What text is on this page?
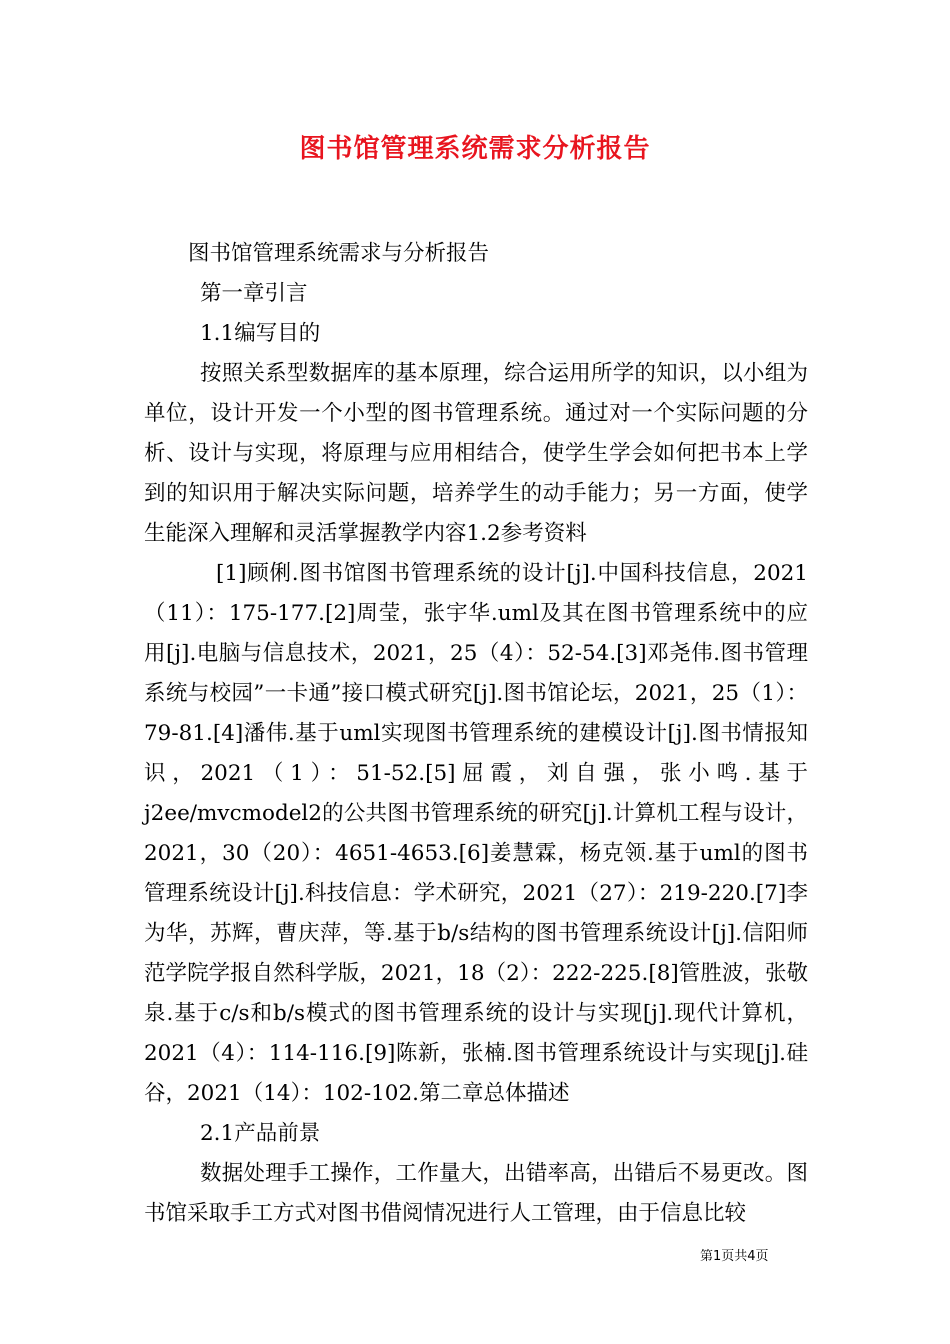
图书馆管理系统需求分析报告
图书馆管理系统需求与分析报告
第一章引言
1.1编写目的

按照关系型数据库的基本原理，综合运用所学的知识，以小组为单位，设计开发一个小型的图书管理系统。通过对一个实际问题的分析、设计与实现，将原理与应用相结合，使学生学会如何把书本上学到的知识用于解决实际问题，培养学生的动手能力；另一方面，使学生能深入理解和灵活掌握教学内容1.2参考资料

[1]顾俐.图书馆图书管理系统的设计[j].中国科技信息，2021（11）：175-177.[2]周莹，张宇华.uml及其在图书管理系统中的应用[j].电脑与信息技术，2021，25（4）：52-54.[3]邓尧伟.图书管理系统与校园”一卡通”接口模式研究[j].图书馆论坛，2021，25（1）：79-81.[4]潘伟.基于uml实现图书管理系统的建模设计[j].图书情报知识，2021（1）：51-52.[5]屈霞，刘自强，张小鸣.基于j2ee/mvcmodel2的公共图书管理系统的研究[j].计算机工程与设计，2021，30（20）：4651-4653.[6]姜慧霖，杨克领.基于uml的图书管理系统设计[j].科技信息：学术研究，2021（27）：219-220.[7]李为华，苏辉，曹庆萍，等.基于b/s结构的图书管理系统设计[j].信阳师范学院学报自然科学版，2021，18（2）：222-225.[8]管胜波，张敬泉.基于c/s和b/s模式的图书管理系统的设计与实现[j].现代计算机，2021（4）：114-116.[9]陈新，张楠.图书管理系统设计与实现[j].硅谷，2021（14）：102-102.第二章总体描述

2.1产品前景

数据处理手工操作，工作量大，出错率高，出错后不易更改。图书馆采取手工方式对图书借阅情况进行人工管理，由于信息比较

第1页共4页
